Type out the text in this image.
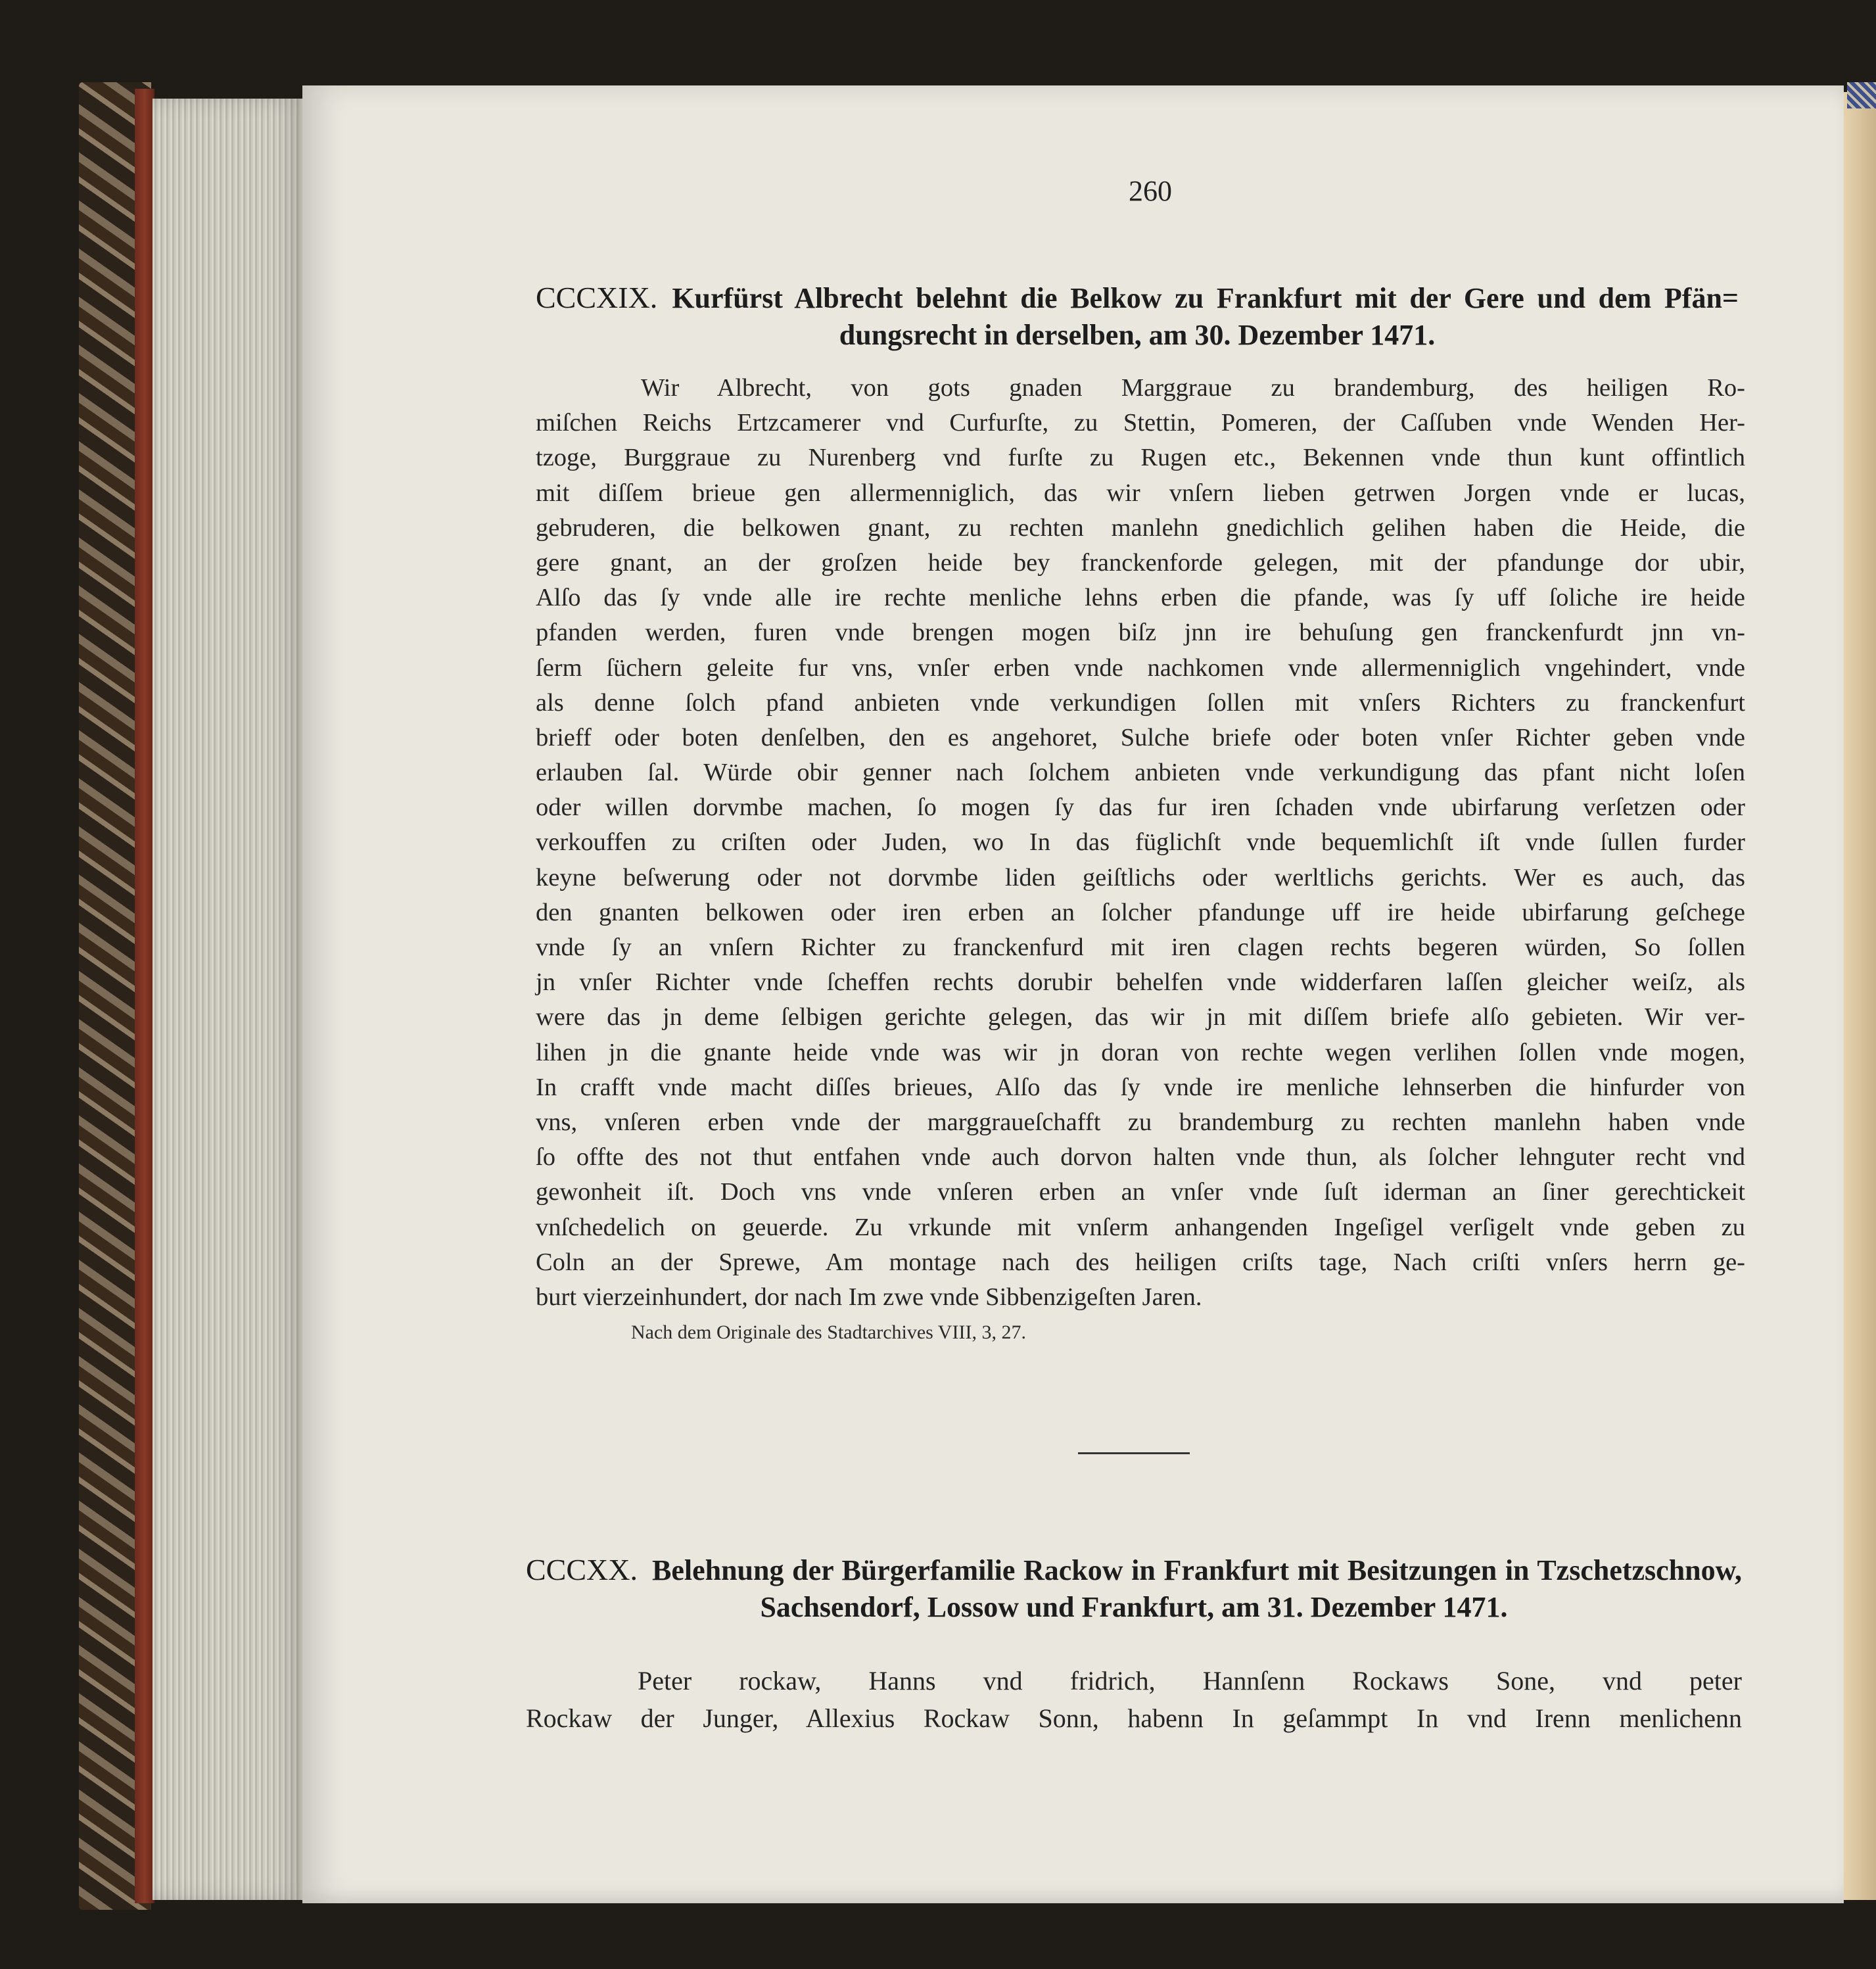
260
CCCXIX. Kurfürst Albrecht belehnt die Belkow zu Frankfurt mit der Gere und dem Pfän=
dungsrecht in derselben, am 30. Dezember 1471.
Wir Albrecht, von gots gnaden Marggraue zu brandemburg, des heiligen Ro-
miſchen Reichs Ertzcamerer vnd Curfurſte, zu Stettin, Pomeren, der Caſſuben vnde Wenden Her-
tzoge, Burggraue zu Nurenberg vnd furſte zu Rugen etc., Bekennen vnde thun kunt offintlich
mit diſſem brieue gen allermenniglich, das wir vnſern lieben getrwen Jorgen vnde er lucas,
gebruderen, die belkowen gnant, zu rechten manlehn gnedichlich gelihen haben die Heide, die
gere gnant, an der groſzen heide bey franckenforde gelegen, mit der pfandunge dor ubir,
Alſo das ſy vnde alle ire rechte menliche lehns erben die pfande, was ſy uff ſoliche ire heide
pfanden werden, furen vnde brengen mogen biſz jnn ire behuſung gen franckenfurdt jnn vn-
ſerm ſüchern geleite fur vns, vnſer erben vnde nachkomen vnde allermenniglich vngehindert, vnde
als denne ſolch pfand anbieten vnde verkundigen ſollen mit vnſers Richters zu franckenfurt
brieff oder boten denſelben, den es angehoret, Sulche briefe oder boten vnſer Richter geben vnde
erlauben ſal. Würde obir genner nach ſolchem anbieten vnde verkundigung das pfant nicht loſen
oder willen dorvmbe machen, ſo mogen ſy das fur iren ſchaden vnde ubirfarung verſetzen oder
verkouffen zu criſten oder Juden, wo In das füglichſt vnde bequemlichſt iſt vnde ſullen furder
keyne beſwerung oder not dorvmbe liden geiſtlichs oder werltlichs gerichts. Wer es auch, das
den gnanten belkowen oder iren erben an ſolcher pfandunge uff ire heide ubirfarung geſchege
vnde ſy an vnſern Richter zu franckenfurd mit iren clagen rechts begeren würden, So ſollen
jn vnſer Richter vnde ſcheffen rechts dorubir behelfen vnde widderfaren laſſen gleicher weiſz, als
were das jn deme ſelbigen gerichte gelegen, das wir jn mit diſſem briefe alſo gebieten. Wir ver-
lihen jn die gnante heide vnde was wir jn doran von rechte wegen verlihen ſollen vnde mogen,
In crafft vnde macht diſſes brieues, Alſo das ſy vnde ire menliche lehnserben die hinfurder von
vns, vnſeren erben vnde der marggraueſchafft zu brandemburg zu rechten manlehn haben vnde
ſo offte des not thut entfahen vnde auch dorvon halten vnde thun, als ſolcher lehnguter recht vnd
gewonheit iſt. Doch vns vnde vnſeren erben an vnſer vnde ſuſt iderman an ſiner gerechtickeit
vnſchedelich on geuerde. Zu vrkunde mit vnſerm anhangenden Ingeſigel verſigelt vnde geben zu
Coln an der Sprewe, Am montage nach des heiligen criſts tage, Nach criſti vnſers herrn ge-
burt vierzeinhundert, dor nach Im zwe vnde Sibbenzigeſten Jaren.
Nach dem Originale des Stadtarchives VIII, 3, 27.
CCCXX. Belehnung der Bürgerfamilie Rackow in Frankfurt mit Besitzungen in Tzschetzschnow,
Sachsendorf, Lossow und Frankfurt, am 31. Dezember 1471.
Peter rockaw, Hanns vnd fridrich, Hannſenn Rockaws Sone, vnd peter
Rockaw der Junger, Allexius Rockaw Sonn, habenn In geſammpt In vnd Irenn menlichenn
